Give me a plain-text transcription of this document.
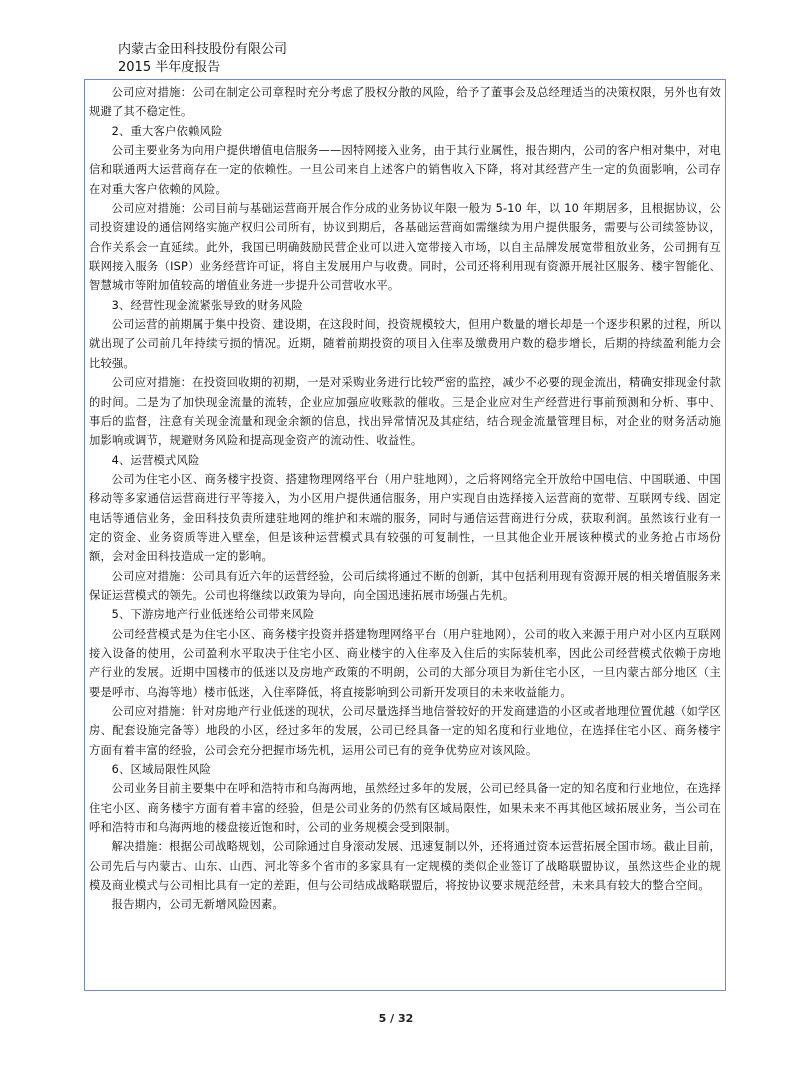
内蒙古金田科技股份有限公司
2015 半年度报告

公司应对措施：公司在制定公司章程时充分考虑了股权分散的风险，给予了董事会及总经理适当的决策权限，另外也有效规避了其不稳定性。

2、重大客户依赖风险

公司主要业务为向用户提供增值电信服务——因特网接入业务，由于其行业属性，报告期内，公司的客户相对集中，对电信和联通两大运营商存在一定的依赖性。一旦公司来自上述客户的销售收入下降，将对其经营产生一定的负面影响，公司存在对重大客户依赖的风险。

公司应对措施：公司目前与基础运营商开展合作分成的业务协议年限一般为 5-10 年，以 10 年期居多，且根据协议，公司投资建设的通信网络实施产权归公司所有，协议到期后，各基础运营商如需继续为用户提供服务，需要与公司续签协议，合作关系会一直延续。此外，我国已明确鼓励民营企业可以进入宽带接入市场，以自主品牌发展宽带租放业务，公司拥有互联网接入服务（ISP）业务经营许可证，将自主发展用户与收费。同时，公司还将利用现有资源开展社区服务、楼宇智能化、智慧城市等附加值较高的增值业务进一步提升公司营收水平。

3、经营性现金流紧张导致的财务风险

公司运营的前期属于集中投资、建设期，在这段时间，投资规模较大，但用户数量的增长却是一个逐步积累的过程，所以就出现了公司前几年持续亏损的情况。近期，随着前期投资的项目入住率及缴费用户数的稳步增长，后期的持续盈利能力会比较强。

公司应对措施：在投资回收期的初期，一是对采购业务进行比较严密的监控，减少不必要的现金流出，精确安排现金付款的时间。二是为了加快现金流量的流转，企业应加强应收账款的催收。三是企业应对生产经营进行事前预测和分析、事中、事后的监督，注意有关现金流量和现金余额的信息，找出异常情况及其症结，结合现金流量管理目标，对企业的财务活动施加影响或调节，规避财务风险和提高现金资产的流动性、收益性。

4、运营模式风险

公司为住宅小区、商务楼宇投资、搭建物理网络平台（用户驻地网），之后将网络完全开放给中国电信、中国联通、中国移动等多家通信运营商进行平等接入，为小区用户提供通信服务，用户实现自由选择接入运营商的宽带、互联网专线、固定电话等通信业务，金田科技负责所建驻地网的维护和末端的服务，同时与通信运营商进行分成，获取利润。虽然该行业有一定的资金、业务资质等进入壁垒，但是该种运营模式具有较强的可复制性，一旦其他企业开展该种模式的业务抢占市场份额，会对金田科技造成一定的影响。

公司应对措施：公司具有近六年的运营经验，公司后续将通过不断的创新，其中包括利用现有资源开展的相关增值服务来保证运营模式的领先。公司也将继续以政策为导向，向全国迅速拓展市场强占先机。

5、下游房地产行业低迷给公司带来风险

公司经营模式是为住宅小区、商务楼宇投资并搭建物理网络平台（用户驻地网），公司的收入来源于用户对小区内互联网接入设备的使用，公司盈利水平取决于住宅小区、商业楼宇的入住率及入住后的实际装机率，因此公司经营模式依赖于房地产行业的发展。近期中国楼市的低迷以及房地产政策的不明朗，公司的大部分项目为新住宅小区，一旦内蒙古部分地区（主要是呼市、乌海等地）楼市低迷，入住率降低，将直接影响到公司新开发项目的未来收益能力。

公司应对措施：针对房地产行业低迷的现状，公司尽量选择当地信誉较好的开发商建造的小区或者地理位置优越（如学区房、配套设施完备等）地段的小区，经过多年的发展，公司已经具备一定的知名度和行业地位，在选择住宅小区、商务楼宇方面有着丰富的经验，公司会充分把握市场先机，运用公司已有的竞争优势应对该风险。

6、区域局限性风险

公司业务目前主要集中在呼和浩特市和乌海两地，虽然经过多年的发展，公司已经具备一定的知名度和行业地位，在选择住宅小区、商务楼宇方面有着丰富的经验，但是公司业务的仍然有区域局限性，如果未来不再其他区域拓展业务，当公司在呼和浩特市和乌海两地的楼盘接近饱和时，公司的业务规模会受到限制。

解决措施：根据公司战略规划，公司除通过自身滚动发展、迅速复制以外，还将通过资本运营拓展全国市场。截止目前，公司先后与内蒙古、山东、山西、河北等多个省市的多家具有一定规模的类似企业签订了战略联盟协议，虽然这些企业的规模及商业模式与公司相比具有一定的差距，但与公司结成战略联盟后，将按协议要求规范经营，未来具有较大的整合空间。

报告期内，公司无新增风险因素。

5 / 32
